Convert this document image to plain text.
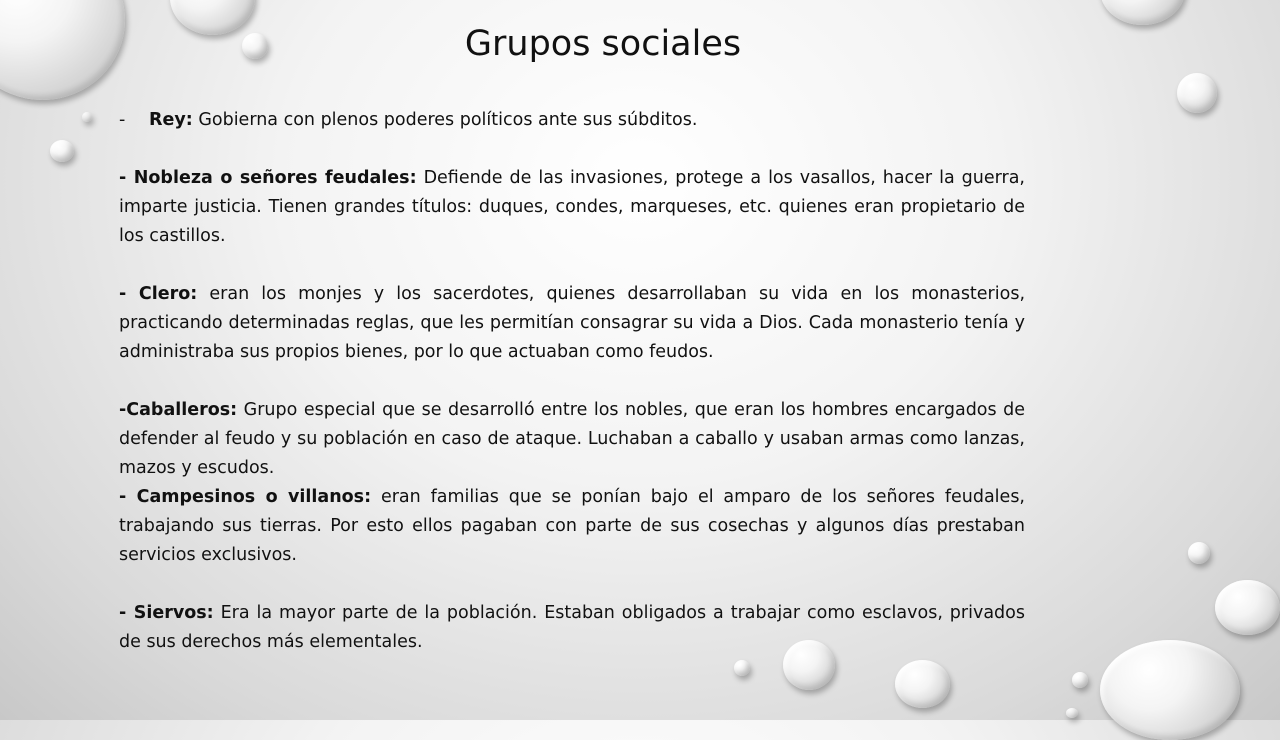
Grupos sociales

- Rey: Gobierna con plenos poderes políticos ante sus súbditos.

- Nobleza o señores feudales: Defiende de las invasiones, protege a los vasallos, hacer la guerra, imparte justicia. Tienen grandes títulos: duques, condes, marqueses, etc. quienes eran propietario de los castillos.

- Clero: eran los monjes y los sacerdotes, quienes desarrollaban su vida en los monasterios, practicando determinadas reglas, que les permitían consagrar su vida a Dios. Cada monasterio tenía y administraba sus propios bienes, por lo que actuaban como feudos.

-Caballeros: Grupo especial que se desarrolló entre los nobles, que eran los hombres encargados de defender al feudo y su población en caso de ataque. Luchaban a caballo y usaban armas como lanzas, mazos y escudos.

- Campesinos o villanos: eran familias que se ponían bajo el amparo de los señores feudales, trabajando sus tierras. Por esto ellos pagaban con parte de sus cosechas y algunos días prestaban servicios exclusivos.

- Siervos: Era la mayor parte de la población. Estaban obligados a trabajar como esclavos, privados de sus derechos más elementales.
